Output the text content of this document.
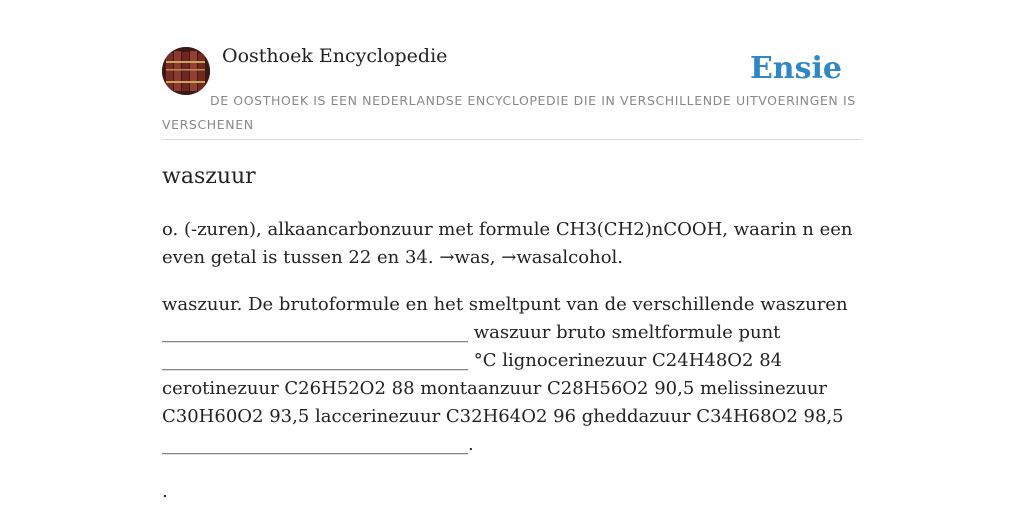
Oosthoek Encyclopedie	Ensie
DE OOSTHOEK IS EEN NEDERLANDSE ENCYCLOPEDIE DIE IN VERSCHILLENDE UITVOERINGEN IS VERSCHENEN
waszuur

o. (-zuren), alkaancarbonzuur met formule CH3(CH2)nCOOH, waarin n een even getal is tussen 22 en 34. →was, →wasalcohol.

waszuur. De brutoformule en het smeltpunt van de verschillende waszuren __________________________________ waszuur bruto smeltformule punt __________________________________ °C lignocerinezuur C24H48O2 84 cerotinezuur C26H52O2 88 montaanzuur C28H56O2 90,5 melissinezuur C30H60O2 93,5 laccerinezuur C32H64O2 96 gheddazuur C34H68O2 98,5 __________________________________.

.
